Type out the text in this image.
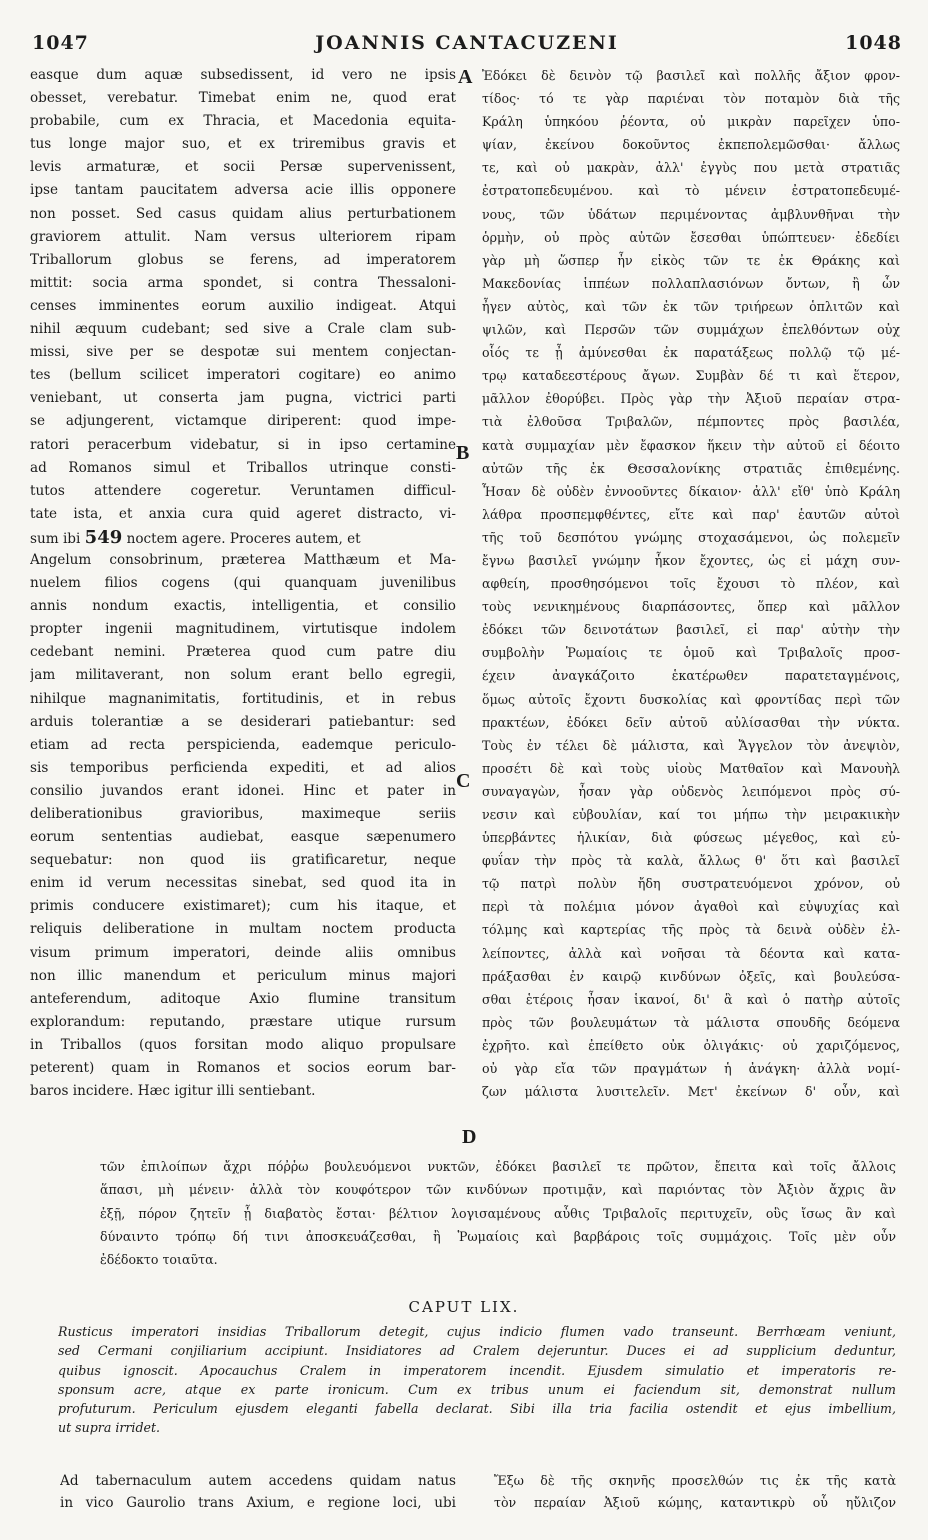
1047	JOANNIS CANTACUZENI	1048
A
B
C
D
easque dum aquæ subsedissent, id vero ne ipsis
obesset, verebatur. Timebat enim ne, quod erat
probabile, cum ex Thracia, et Macedonia equita-
tus longe major suo, et ex triremibus gravis et
levis armaturæ, et socii Persæ supervenissent,
ipse tantam paucitatem adversa acie illis opponere
non posset. Sed casus quidam alius perturbationem
graviorem attulit. Nam versus ulteriorem ripam
Triballorum globus se ferens, ad imperatorem
mittit: socia arma spondet, si contra Thessaloni-
censes imminentes eorum auxilio indigeat. Atqui
nihil æquum cudebant; sed sive a Crale clam sub-
missi, sive per se despotæ sui mentem conjectan-
tes (bellum scilicet imperatori cogitare) eo animo
veniebant, ut conserta jam pugna, victrici parti
se adjungerent, victamque diriperent: quod impe-
ratori peracerbum videbatur, si in ipso certamine
ad Romanos simul et Triballos utrinque consti-
tutos attendere cogeretur. Veruntamen difficul-
tate ista, et anxia cura quid ageret distracto, vi-
sum ibi 549 noctem agere. Proceres autem, et
Angelum consobrinum, præterea Matthæum et Ma-
nuelem filios cogens (qui quanquam juvenilibus
annis nondum exactis, intelligentia, et consilio
propter ingenii magnitudinem, virtutisque indolem
cedebant nemini. Præterea quod cum patre diu
jam militaverant, non solum erant bello egregii,
nihilque magnanimitatis, fortitudinis, et in rebus
arduis tolerantiæ a se desiderari patiebantur: sed
etiam ad recta perspicienda, eademque periculo-
sis temporibus perficienda expediti, et ad alios
consilio juvandos erant idonei. Hinc et pater in
deliberationibus gravioribus, maximeque seriis
eorum sententias audiebat, easque sæpenumero
sequebatur: non quod iis gratificaretur, neque
enim id verum necessitas sinebat, sed quod ita in
primis conducere existimaret); cum his itaque, et
reliquis deliberatione in multam noctem producta
visum primum imperatori, deinde aliis omnibus
non illic manendum et periculum minus majori
anteferendum, aditoque Axio flumine transitum
explorandum: reputando, præstare utique rursum
in Triballos (quos forsitan modo aliquo propulsare
peterent) quam in Romanos et socios eorum bar-
baros incidere. Hæc igitur illi sentiebant.
Ἐδόκει δὲ δεινὸν τῷ βασιλεῖ καὶ πολλῆς ἄξιον φρον-
τίδος· τό τε γὰρ παριέναι τὸν ποταμὸν διὰ τῆς
Κράλη ὑπηκόου ῥέοντα, οὐ μικρὰν παρεῖχεν ὑπο-
ψίαν, ἐκείνου δοκοῦντος ἐκπεπολεμῶσθαι· ἄλλως
τε, καὶ οὐ μακρὰν, ἀλλ' ἐγγὺς που μετὰ στρατιᾶς
ἐστρατοπεδευμένου. καὶ τὸ μένειν ἐστρατοπεδευμέ-
νους, τῶν ὑδάτων περιμένοντας ἀμβλυνθῆναι τὴν
ὁρμὴν, οὐ πρὸς αὐτῶν ἔσεσθαι ὑπώπτευεν· ἐδεδίει
γὰρ μὴ ὥσπερ ἦν εἰκὸς τῶν τε ἐκ Θράκης καὶ
Μακεδονίας ἱππέων πολλαπλασιόνων ὄντων, ἢ ὧν
ἦγεν αὐτὸς, καὶ τῶν ἐκ τῶν τριήρεων ὁπλιτῶν καὶ
ψιλῶν, καὶ Περσῶν τῶν συμμάχων ἐπελθόντων οὐχ
οἷός τε ᾖ ἀμύνεσθαι ἐκ παρατάξεως πολλῷ τῷ μέ-
τρῳ καταδεεστέρους ἄγων. Συμβὰν δέ τι καὶ ἕτερον,
μᾶλλον ἐθορύβει. Πρὸς γὰρ τὴν Ἀξιοῦ περαίαν στρα-
τιὰ ἐλθοῦσα Τριβαλῶν, πέμποντες πρὸς βασιλέα,
κατὰ συμμαχίαν μὲν ἔφασκον ἥκειν τὴν αὐτοῦ εἰ δέοιτο
αὐτῶν τῆς ἐκ Θεσσαλονίκης στρατιᾶς ἐπιθεμένης.
Ἦσαν δὲ οὐδὲν ἐννοοῦντες δίκαιον· ἀλλ' εἴθ' ὑπὸ Κράλη
λάθρα προσπεμφθέντες, εἴτε καὶ παρ' ἑαυτῶν αὐτοὶ
τῆς τοῦ δεσπότου γνώμης στοχασάμενοι, ὡς πολεμεῖν
ἔγνω βασιλεῖ γνώμην ἧκον ἔχοντες, ὡς εἰ μάχη συν-
αφθείη, προσθησόμενοι τοῖς ἔχουσι τὸ πλέον, καὶ
τοὺς νενικημένους διαρπάσοντες, ὅπερ καὶ μᾶλλον
ἐδόκει τῶν δεινοτάτων βασιλεῖ, εἰ παρ' αὐτὴν τὴν
συμβολὴν Ῥωμαίοις τε ὁμοῦ καὶ Τριβαλοῖς προσ-
έχειν ἀναγκάζοιτο ἑκατέρωθεν παρατεταγμένοις,
ὅμως αὐτοῖς ἔχοντι δυσκολίας καὶ φροντίδας περὶ τῶν
πρακτέων, ἐδόκει δεῖν αὐτοῦ αὐλίσασθαι τὴν νύκτα.
Τοὺς ἐν τέλει δὲ μάλιστα, καὶ Ἄγγελον τὸν ἀνεψιὸν,
προσέτι δὲ καὶ τοὺς υἱοὺς Ματθαῖον καὶ Μανουὴλ
συναγαγὼν, ἦσαν γὰρ οὐδενὸς λειπόμενοι πρὸς σύ-
νεσιν καὶ εὐβουλίαν, καί τοι μήπω τὴν μειρακιικὴν
ὑπερβάντες ἡλικίαν, διὰ φύσεως μέγεθος, καὶ εὐ-
φυΐαν τὴν πρὸς τὰ καλὰ, ἄλλως θ' ὅτι καὶ βασιλεῖ
τῷ πατρὶ πολὺν ἤδη συστρατευόμενοι χρόνον, οὐ
περὶ τὰ πολέμια μόνον ἀγαθοὶ καὶ εὐψυχίας καὶ
τόλμης καὶ καρτερίας τῆς πρὸς τὰ δεινὰ οὐδὲν ἐλ-
λείποντες, ἀλλὰ καὶ νοῆσαι τὰ δέοντα καὶ κατα-
πράξασθαι ἐν καιρῷ κινδύνων ὀξεῖς, καὶ βουλεύσα-
σθαι ἑτέροις ἦσαν ἱκανοί, δι' ἃ καὶ ὁ πατὴρ αὐτοῖς
πρὸς τῶν βουλευμάτων τὰ μάλιστα σπουδῆς δεόμενα
ἐχρῆτο. καὶ ἐπείθετο οὐκ ὀλιγάκις· οὐ χαριζόμενος,
οὐ γὰρ εἴα τῶν πραγμάτων ἡ ἀνάγκη· ἀλλὰ νομί-
ζων μάλιστα λυσιτελεῖν. Μετ' ἐκείνων δ' οὖν, καὶ
τῶν ἐπιλοίπων ἄχρι πόῤῥω βουλευόμενοι νυκτῶν, ἐδόκει βασιλεῖ τε πρῶτον, ἔπειτα καὶ τοῖς ἄλλοις
ἅπασι, μὴ μένειν· ἀλλὰ τὸν κουφότερον τῶν κινδύνων προτιμᾷν, καὶ παριόντας τὸν Ἀξιὸν ἄχρις ἂν
ἐξῇ, πόρον ζητεῖν ᾗ διαβατὸς ἔσται· βέλτιον λογισαμένους αὖθις Τριβαλοῖς περιτυχεῖν, οὓς ἴσως ἂν καὶ
δύναιντο τρόπῳ δή τινι ἀποσκευάζεσθαι, ἢ Ῥωμαίοις καὶ βαρβάροις τοῖς συμμάχοις. Τοῖς μὲν οὖν
ἐδέδοκτο τοιαῦτα.
CAPUT LIX.
Rusticus imperatori insidias Triballorum detegit, cujus indicio flumen vado transeunt. Berrhœam veniunt,
sed Cermani conjiliarium accipiunt. Insidiatores ad Cralem dejeruntur. Duces ei ad supplicium deduntur,
quibus ignoscit. Apocauchus Cralem in imperatorem incendit. Ejusdem simulatio et imperatoris re-
sponsum acre, atque ex parte ironicum. Cum ex tribus unum ei faciendum sit, demonstrat nullum
profuturum. Periculum ejusdem eleganti fabella declarat. Sibi illa tria facilia ostendit et ejus imbellium,
ut supra irridet.
Ad tabernaculum autem accedens quidam natus
in vico Gaurolio trans Axium, e regione loci, ubi
Ἔξω δὲ τῆς σκηνῆς προσελθών τις ἐκ τῆς κατὰ
τὸν περαίαν Ἀξιοῦ κώμης, καταντικρὺ οὗ ηὔλιζον
